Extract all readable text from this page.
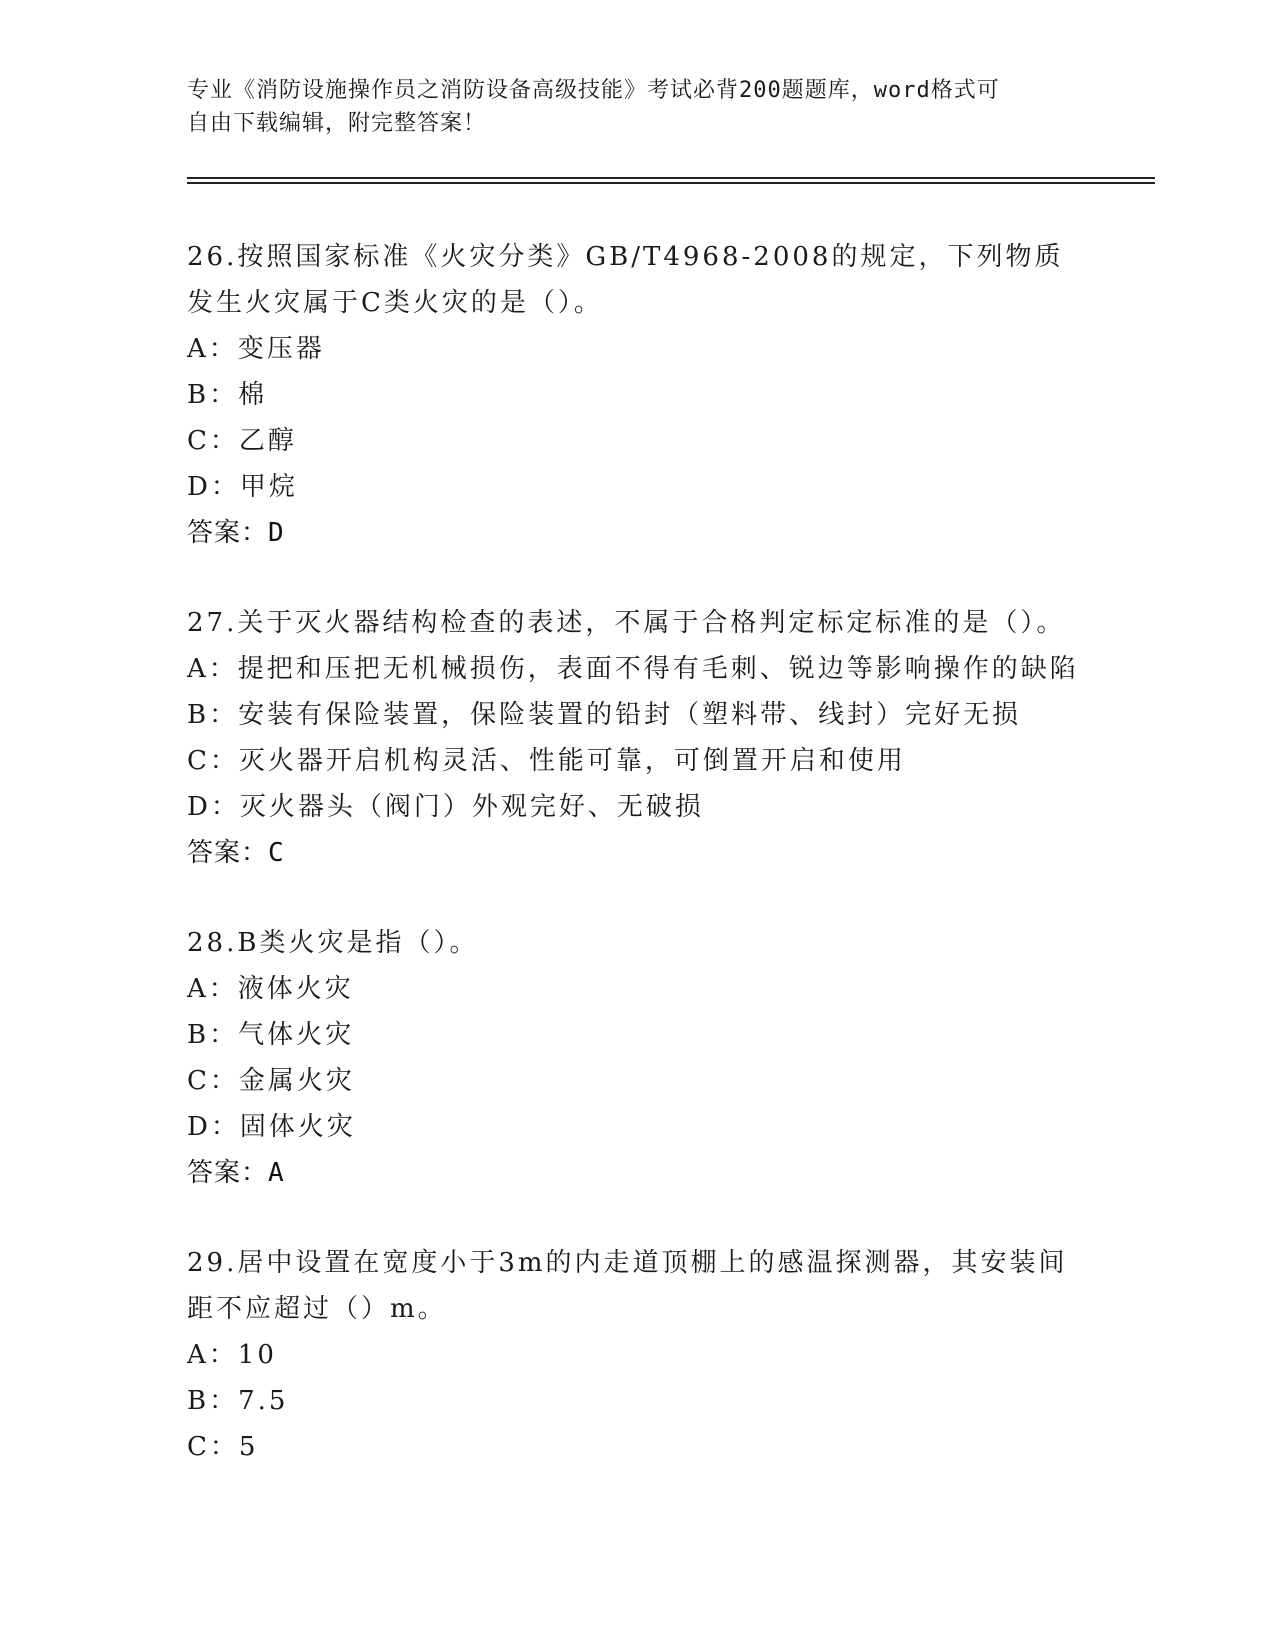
专业《消防设施操作员之消防设备高级技能》考试必背200题题库，word格式可
自由下载编辑，附完整答案！

26.按照国家标准《火灾分类》GB/T4968-2008的规定，下列物质发生火灾属于C类火灾的是（）。

A：变压器

B：棉

C：乙醇

D：甲烷

答案：D

27.关于灭火器结构检查的表述，不属于合格判定标定标准的是（）。

A：提把和压把无机械损伤，表面不得有毛刺、锐边等影响操作的缺陷

B：安装有保险装置，保险装置的铅封（塑料带、线封）完好无损

C：灭火器开启机构灵活、性能可靠，可倒置开启和使用

D：灭火器头（阀门）外观完好、无破损

答案：C

28.B类火灾是指（）。

A：液体火灾

B：气体火灾

C：金属火灾

D：固体火灾

答案：A

29.居中设置在宽度小于3m的内走道顶棚上的感温探测器，其安装间距不应超过（）m。

A：10

B：7.5

C：5
